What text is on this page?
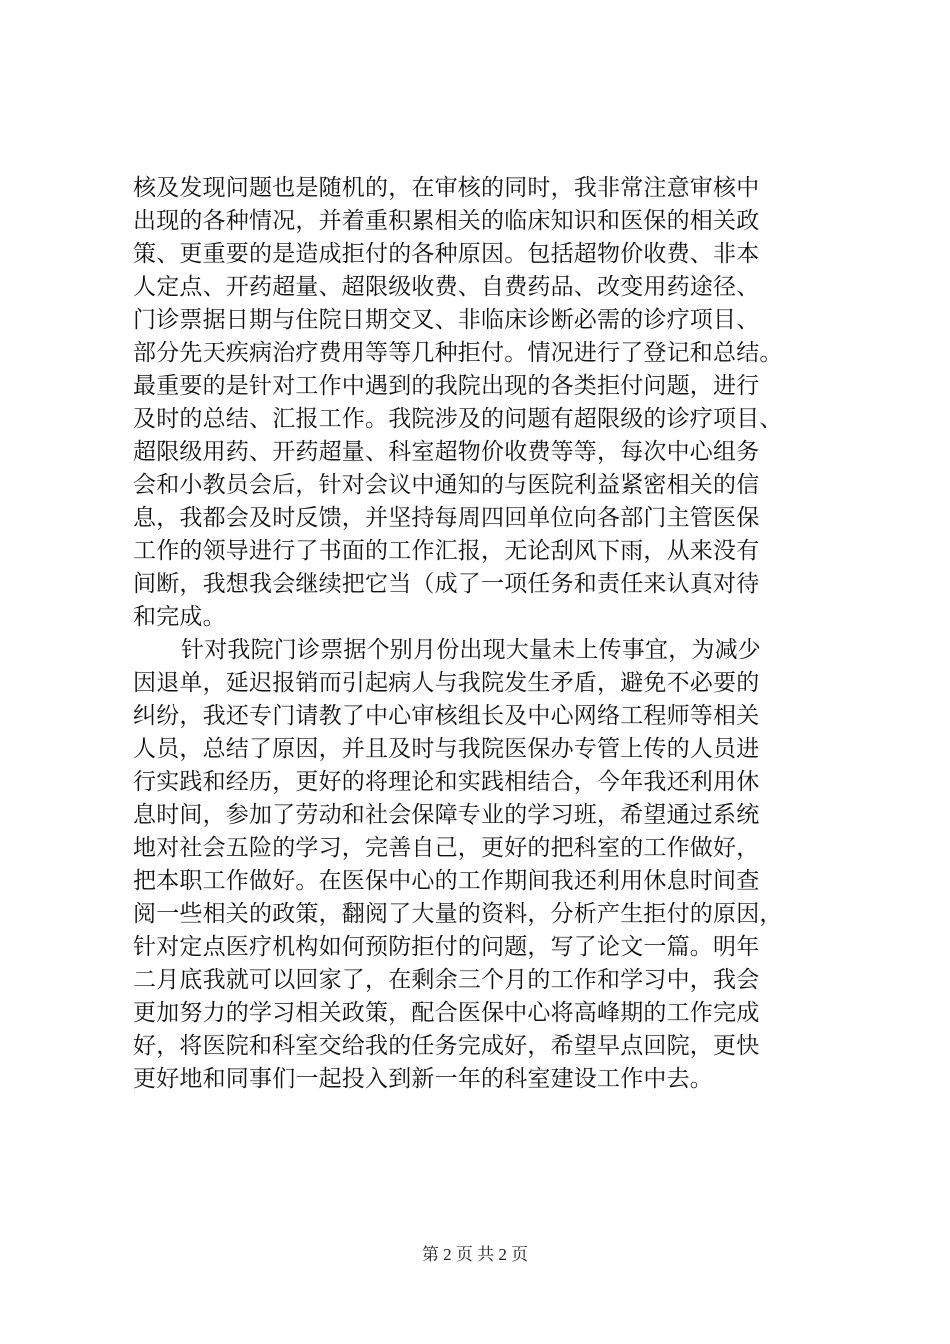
核及发现问题也是随机的，在审核的同时，我非常注意审核中
出现的各种情况，并着重积累相关的临床知识和医保的相关政
策、更重要的是造成拒付的各种原因。包括超物价收费、非本
人定点、开药超量、超限级收费、自费药品、改变用药途径、
门诊票据日期与住院日期交叉、非临床诊断必需的诊疗项目、
部分先天疾病治疗费用等等几种拒付。情况进行了登记和总结。
最重要的是针对工作中遇到的我院出现的各类拒付问题，进行
及时的总结、汇报工作。我院涉及的问题有超限级的诊疗项目、
超限级用药、开药超量、科室超物价收费等等，每次中心组务
会和小教员会后，针对会议中通知的与医院利益紧密相关的信
息，我都会及时反馈，并坚持每周四回单位向各部门主管医保
工作的领导进行了书面的工作汇报，无论刮风下雨，从来没有
间断，我想我会继续把它当（成了一项任务和责任来认真对待
和完成。
针对我院门诊票据个别月份出现大量未上传事宜，为减少
因退单，延迟报销而引起病人与我院发生矛盾，避免不必要的
纠纷，我还专门请教了中心审核组长及中心网络工程师等相关
人员，总结了原因，并且及时与我院医保办专管上传的人员进
行实践和经历，更好的将理论和实践相结合，今年我还利用休
息时间，参加了劳动和社会保障专业的学习班，希望通过系统
地对社会五险的学习，完善自己，更好的把科室的工作做好，
把本职工作做好。在医保中心的工作期间我还利用休息时间查
阅一些相关的政策，翻阅了大量的资料，分析产生拒付的原因，
针对定点医疗机构如何预防拒付的问题，写了论文一篇。明年
二月底我就可以回家了，在剩余三个月的工作和学习中，我会
更加努力的学习相关政策，配合医保中心将高峰期的工作完成
好，将医院和科室交给我的任务完成好，希望早点回院，更快
更好地和同事们一起投入到新一年的科室建设工作中去。
第 2 页 共 2 页
